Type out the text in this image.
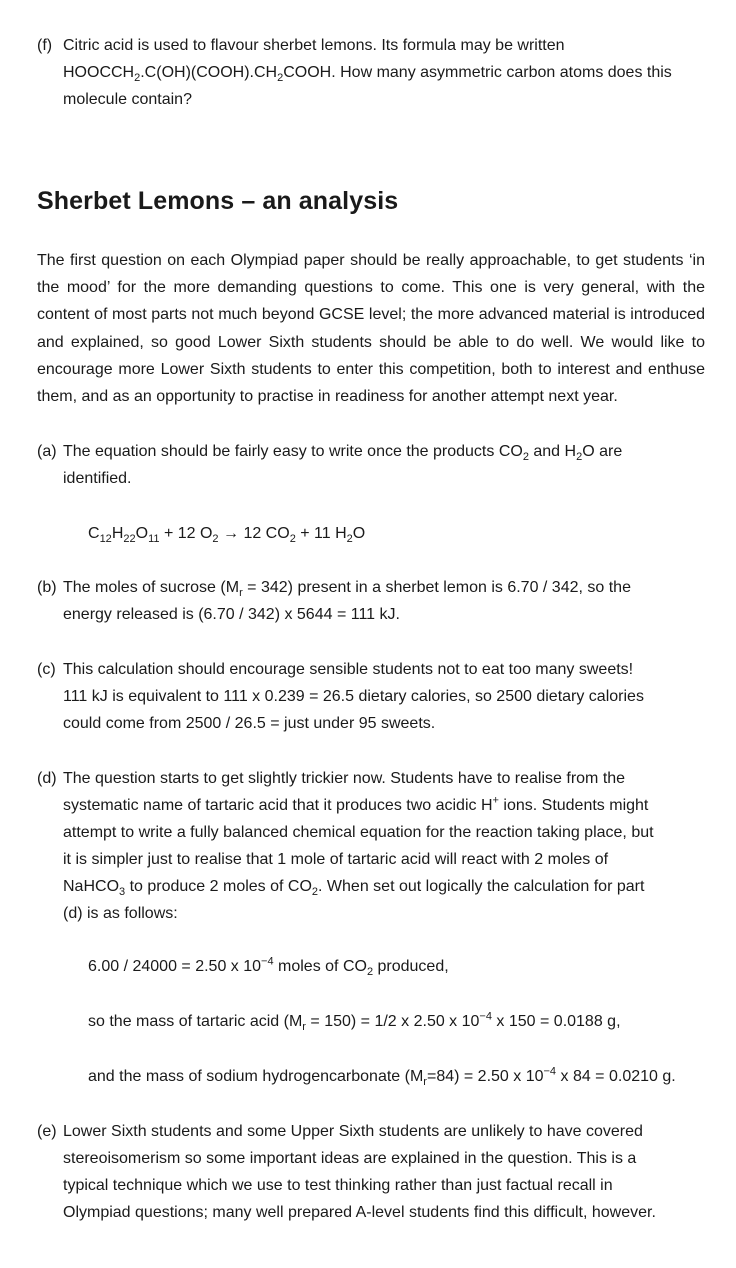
(f) Citric acid is used to flavour sherbet lemons. Its formula may be written
$HOOCCH_2.C(OH)(COOH).CH_2COOH$. How many asymmetric carbon atoms does this
molecule contain?
Sherbet Lemons – an analysis
The first question on each Olympiad paper should be really approachable, to get students ‘in the mood’ for the more demanding questions to come. This one is very general, with the content of most parts not much beyond GCSE level; the more advanced material is introduced and explained, so good Lower Sixth students should be able to do well. We would like to encourage more Lower Sixth students to enter this competition, both to interest and enthuse them, and as an opportunity to practise in readiness for another attempt next year.
(a) The equation should be fairly easy to write once the products $CO_2$ and $H_2O$ are
identified.
$C_{12}H_{22}O_{11} + 12$ $O_2 \to 12$ $CO_2 + 11$ $H_2O$
(b) The moles of sucrose $(M_r = 342)$ present in a sherbet lemon is 6.70 / 342, so the
energy released is (6.70 / 342) x 5644 = 111 kJ.
(c) This calculation should encourage sensible students not to eat too many sweets!
111 kJ is equivalent to 111 x 0.239 = 26.5 dietary calories, so 2500 dietary calories
could come from 2500 / 26.5 = just under 95 sweets.
(d) The question starts to get slightly trickier now. Students have to realise from the
systematic name of tartaric acid that it produces two acidic H+ ions. Students might
attempt to write a fully balanced chemical equation for the reaction taking place, but
it is simpler just to realise that 1 mole of tartaric acid will react with 2 moles of
NaHCO$_3$ to produce 2 moles of $CO_2$. When set out logically the calculation for part
(d) is as follows:
6.00 / 24000 = 2.50 x $10^{-4}$ moles of $CO_2$ produced,
so the mass of tartaric acid $(M_r = 150) = 1/2$ x 2.50 x $10^{-4}$ x 150 = 0.0188 g,
and the mass of sodium hydrogencarbonate $(M_r=84) = 2.50$ x $10^{-4}$ x 84 = 0.0210 g.
(e) Lower Sixth students and some Upper Sixth students are unlikely to have covered
stereoisomerism so some important ideas are explained in the question. This is a
typical technique which we use to test thinking rather than just factual recall in
Olympiad questions; many well prepared A-level students find this difficult, however.
